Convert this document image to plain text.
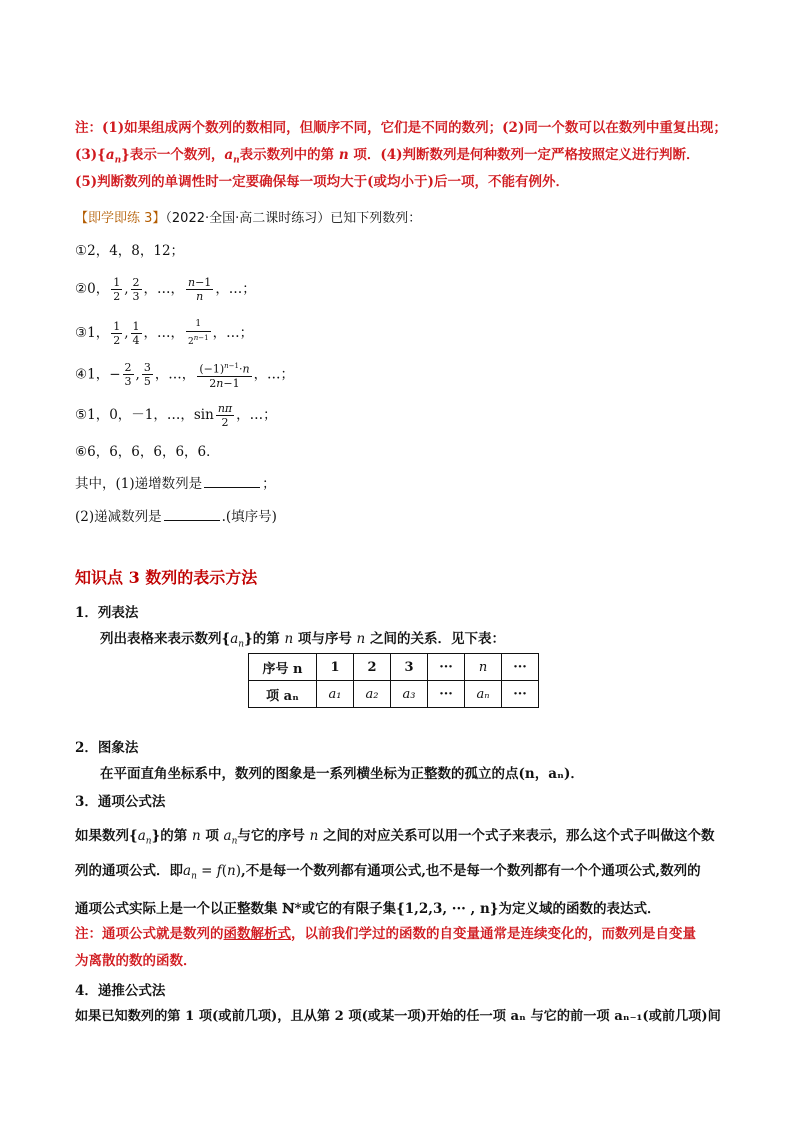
注：(1)如果组成两个数列的数相同，但顺序不同，它们是不同的数列；(2)同一个数可以在数列中重复出现；
$(3)\{a_n\}$表示一个数列，$a_n$表示数列中的第 n 项．(4)判断数列是何种数列一定严格按照定义进行判断．
(5)判断数列的单调性时一定要确保每一项均大于(或均小于)后一项，不能有例外．
【即学即练 3】（2022·全国·高二课时练习）已知下列数列：
①2，4，8，12；
②0， $\frac{1}{2}$ , $\frac{2}{3}$ ，…， $\frac{n-1}{n}$ ，…；
③1， $\frac{1}{2}$ , $\frac{1}{4}$ ，…， $\frac{1}{2^{n-1}}$ ，…；
④1，− $\frac{2}{3}$ , $\frac{3}{5}$ ，…， $\frac{(-1)^{n-1}\cdot n}{2n-1}$ ，…；
⑤1，0，－1，…，$\sin \frac{n\pi}{2}$ ，…；
⑥6，6，6，6，6，6．
其中，(1)递增数列是	；
(2)递减数列是	.(填序号)
知识点 3 数列的表示方法
1．列表法
列出表格来表示数列$\{a_n\}$的第 n 项与序号 n 之间的关系．见下表：
序号 n	1	2	3	···	n	···
项 aₙ	a₁	a₂	a₃	···	aₙ	···
2．图象法
在平面直角坐标系中，数列的图象是一系列横坐标为正整数的孤立的点(n，aₙ)．
3．通项公式法
如果数列$\{a_n\}$的第 n 项 $a_n$与它的序号 n 之间的对应关系可以用一个式子来表示，那么这个式子叫做这个数
列的通项公式．即$a_n = f(n)$,不是每一个数列都有通项公式,也不是每一个数列都有一个个通项公式,数列的
通项公式实际上是一个以正整数集 ℕ*或它的有限子集{1,2,3, ··· , n}为定义域的函数的表达式．
注：通项公式就是数列的函数解析式，以前我们学过的函数的自变量通常是连续变化的，而数列是自变量
为离散的数的函数．
4．递推公式法
如果已知数列的第 1 项(或前几项)，且从第 2 项(或某一项)开始的任一项 aₙ 与它的前一项 aₙ₋₁(或前几项)间
